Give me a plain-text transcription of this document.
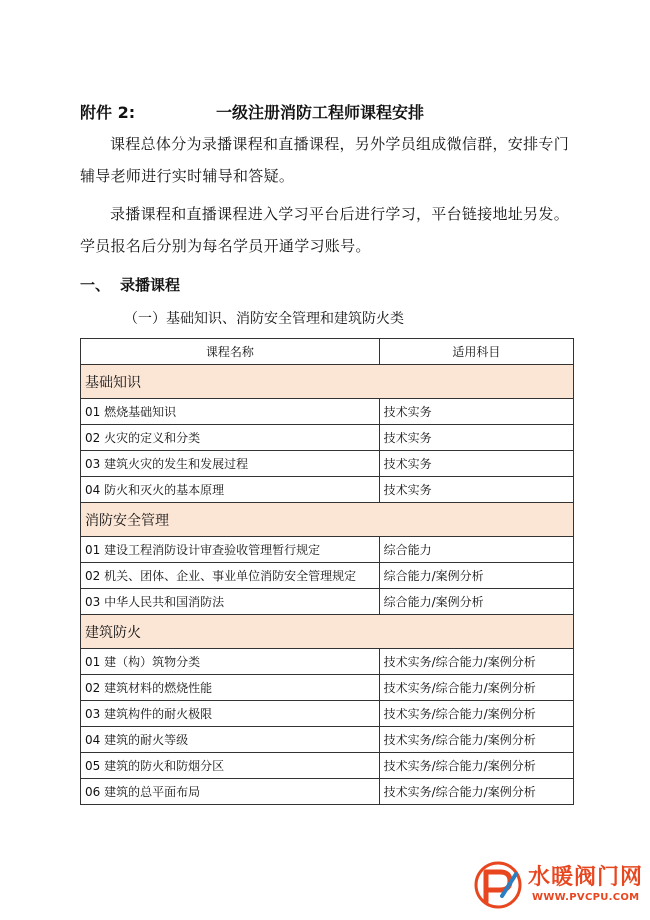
附件 2:	一级注册消防工程师课程安排

课程总体分为录播课程和直播课程，另外学员组成微信群，安排专门辅导老师进行实时辅导和答疑。

录播课程和直播课程进入学习平台后进行学习，平台链接地址另发。学员报名后分别为每名学员开通学习账号。

一、 录播课程
（一）基础知识、消防安全管理和建筑防火类
课程名称	适用科目
基础知识	
01 燃烧基础知识	技术实务
02 火灾的定义和分类	技术实务
03 建筑火灾的发生和发展过程	技术实务
04 防火和灭火的基本原理	技术实务
消防安全管理	
01 建设工程消防设计审查验收管理暂行规定	综合能力
02 机关、团体、企业、事业单位消防安全管理规定	综合能力/案例分析
03 中华人民共和国消防法	综合能力/案例分析
建筑防火	
01 建（构）筑物分类	技术实务/综合能力/案例分析
02 建筑材料的燃烧性能	技术实务/综合能力/案例分析
03 建筑构件的耐火极限	技术实务/综合能力/案例分析
04 建筑的耐火等级	技术实务/综合能力/案例分析
05 建筑的防火和防烟分区	技术实务/综合能力/案例分析
06 建筑的总平面布局	技术实务/综合能力/案例分析
水暖阀门网
WWW.PVCPU.COM
